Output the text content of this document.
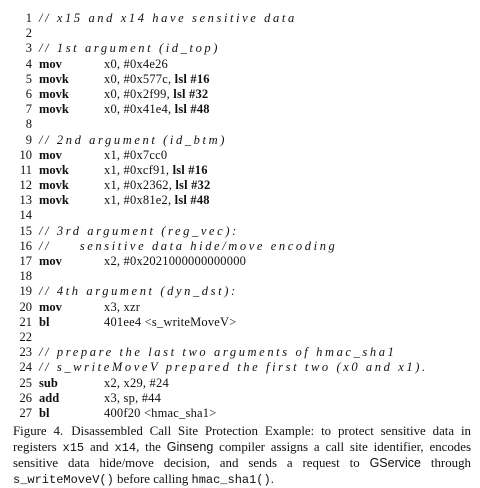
1 // x15 and x14 have sensitive data
2
3 // 1st argument (id_top)
4 mov	x0, #0x4e26
5 movk	x0, #0x577c, lsl #16
6 movk	x0, #0x2f99, lsl #32
7 movk	x0, #0x41e4, lsl #48
8
9 // 2nd argument (id_btm)
10 mov	x1, #0x7cc0
11 movk	x1, #0xcf91, lsl #16
12 movk	x1, #0x2362, lsl #32
13 movk	x1, #0x81e2, lsl #48
14
15 // 3rd argument (reg_vec):
16 //     sensitive data hide/move encoding
17 mov	x2, #0x2021000000000000
18
19 // 4th argument (dyn_dst):
20 mov	x3, xzr
21 bl	401ee4 <s_writeMoveV>
22
23 // prepare the last two arguments of hmac_sha1
24 // s_writeMoveV prepared the first two (x0 and x1).
25 sub	x2, x29, #24
26 add	x3, sp, #44
27 bl	400f20 <hmac_sha1>
Figure 4. Disassembled Call Site Protection Example: to protect sensitive data in registers x15 and x14, the Ginseng compiler assigns a call site identifier, encodes sensitive data hide/move decision, and sends a request to GService through s_writeMoveV() before calling hmac_sha1().
